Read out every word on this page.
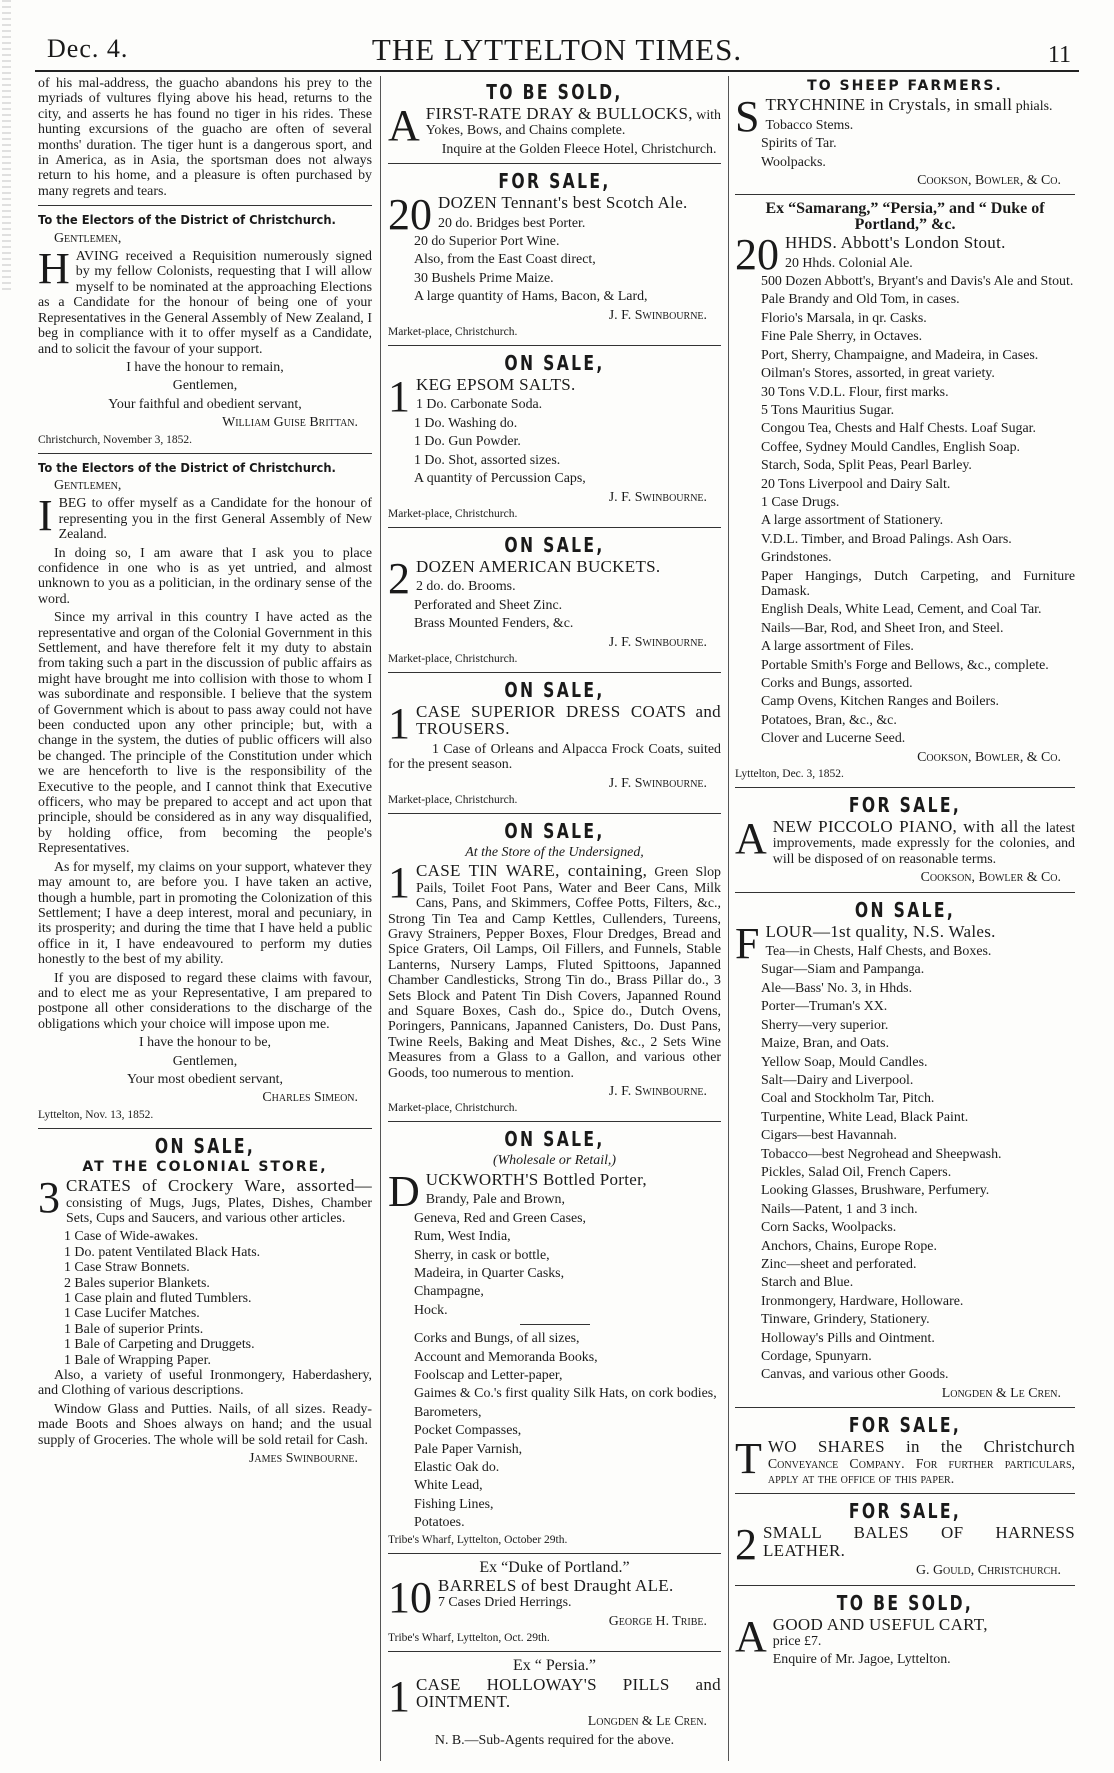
Dec. 4.	THE LYTTELTON TIMES.	11

of his mal-address, the guacho abandons his prey to the myriads of vultures flying above his head, returns to the city, and asserts he has found no tiger in his rides. These hunting excursions of the guacho are often of several months' duration. The tiger hunt is a dangerous sport, and in America, as in Asia, the sportsman does not always return to his home, and a pleasure is often purchased by many regrets and tears.

To the Electors of the District of Christchurch.

Gentlemen,

HAVING received a Requisition numerously signed by my fellow Colonists, requesting that I will allow myself to be nominated at the approaching Elections as a Candidate for the honour of being one of your Representatives in the General Assembly of New Zealand, I beg in compliance with it to offer myself as a Candidate, and to solicit the favour of your support.

I have the honour to remain,

Gentlemen,

Your faithful and obedient servant,

William Guise Brittan.

Christchurch, November 3, 1852.

To the Electors of the District of Christchurch.

Gentlemen,

IBEG to offer myself as a Candidate for the honour of representing you in the first General Assembly of New Zealand.

In doing so, I am aware that I ask you to place confidence in one who is as yet untried, and almost unknown to you as a politician, in the ordinary sense of the word.

Since my arrival in this country I have acted as the representative and organ of the Colonial Government in this Settlement, and have therefore felt it my duty to abstain from taking such a part in the discussion of public affairs as might have brought me into collision with those to whom I was subordinate and responsible. I believe that the system of Government which is about to pass away could not have been conducted upon any other principle; but, with a change in the system, the duties of public officers will also be changed. The principle of the Constitution under which we are henceforth to live is the responsibility of the Executive to the people, and I cannot think that Executive officers, who may be prepared to accept and act upon that principle, should be considered as in any way disqualified, by holding office, from becoming the people's Representatives.

As for myself, my claims on your support, whatever they may amount to, are before you. I have taken an active, though a humble, part in promoting the Colonization of this Settlement; I have a deep interest, moral and pecuniary, in its prosperity; and during the time that I have held a public office in it, I have endeavoured to perform my duties honestly to the best of my ability.

If you are disposed to regard these claims with favour, and to elect me as your Representative, I am prepared to postpone all other considerations to the discharge of the obligations which your choice will impose upon me.

I have the honour to be,

Gentlemen,

Your most obedient servant,

Charles Simeon.

Lyttelton, Nov. 13, 1852.

ON SALE,
AT THE COLONIAL STORE,

3 CRATES of Crockery Ware, assorted— consisting of Mugs, Jugs, Plates, Dishes, Chamber Sets, Cups and Saucers, and various other articles.

1 Case of Wide-awakes.

1 Do. patent Ventilated Black Hats.

1 Case Straw Bonnets.

2 Bales superior Blankets.

1 Case plain and fluted Tumblers.

1 Case Lucifer Matches.

1 Bale of superior Prints.

1 Bale of Carpeting and Druggets.

1 Bale of Wrapping Paper.

Also, a variety of useful Ironmongery, Haberdashery, and Clothing of various descriptions.

Window Glass and Putties. Nails, of all sizes. Ready-made Boots and Shoes always on hand; and the usual supply of Groceries. The whole will be sold retail for Cash.

James Swinbourne.

TO BE SOLD,

AFIRST-RATE DRAY & BULLOCKS, with Yokes, Bows, and Chains complete.

Inquire at the Golden Fleece Hotel, Christchurch.

FOR SALE,

20 DOZEN Tennant's best Scotch Ale.

20 do. Bridges best Porter.

20 do Superior Port Wine.

Also, from the East Coast direct,

30 Bushels Prime Maize.

A large quantity of Hams, Bacon, & Lard,

J. F. Swinbourne.

Market-place, Christchurch.

ON SALE,

1 KEG EPSOM SALTS.

1 Do. Carbonate Soda.

1 Do. Washing do.

1 Do. Gun Powder.

1 Do. Shot, assorted sizes.

A quantity of Percussion Caps,

J. F. Swinbourne.

Market-place, Christchurch.

ON SALE,

2 DOZEN AMERICAN BUCKETS.

2 do. do. Brooms.

Perforated and Sheet Zinc.

Brass Mounted Fenders, &c.

J. F. Swinbourne.

Market-place, Christchurch.

ON SALE,

1 CASE SUPERIOR DRESS COATS and TROUSERS.

1 Case of Orleans and Alpacca Frock Coats, suited for the present season.

J. F. Swinbourne.

Market-place, Christchurch.

ON SALE,

At the Store of the Undersigned,

1 CASE TIN WARE, containing, Green Slop Pails, Toilet Foot Pans, Water and Beer Cans, Milk Cans, Pans, and Skimmers, Coffee Potts, Filters, &c., Strong Tin Tea and Camp Kettles, Cullenders, Tureens, Gravy Strainers, Pepper Boxes, Flour Dredges, Bread and Spice Graters, Oil Lamps, Oil Fillers, and Funnels, Stable Lanterns, Nursery Lamps, Fluted Spittoons, Japanned Chamber Candlesticks, Strong Tin do., Brass Pillar do., 3 Sets Block and Patent Tin Dish Covers, Japanned Round and Square Boxes, Cash do., Spice do., Dutch Ovens, Poringers, Pannicans, Japanned Canisters, Do. Dust Pans, Twine Reels, Baking and Meat Dishes, &c., 2 Sets Wine Measures from a Glass to a Gallon, and various other Goods, too numerous to mention.

J. F. Swinbourne.

Market-place, Christchurch.

ON SALE,

(Wholesale or Retail,)

DUCKWORTH'S Bottled Porter,

Brandy, Pale and Brown,

Geneva, Red and Green Cases,

Rum, West India,

Sherry, in cask or bottle,

Madeira, in Quarter Casks,

Champagne,

Hock.

Corks and Bungs, of all sizes,

Account and Memoranda Books,

Foolscap and Letter-paper,

Gaimes & Co.'s first quality Silk Hats, on cork bodies,

Barometers,

Pocket Compasses,

Pale Paper Varnish,

Elastic Oak do.

White Lead,

Fishing Lines,

Potatoes.

Tribe's Wharf, Lyttelton, October 29th.

Ex “Duke of Portland.”

10 BARRELS of best Draught ALE.
7 Cases Dried Herrings.

George H. Tribe.

Tribe's Wharf, Lyttelton, Oct. 29th.

Ex “ Persia.”

1 CASE HOLLOWAY'S PILLS and OINTMENT.

Longden & Le Cren.

N. B.—Sub-Agents required for the above.

TO SHEEP FARMERS.

STRYCHNINE in Crystals, in small phials.

Tobacco Stems.

Spirits of Tar.

Woolpacks.

Cookson, Bowler, & Co.

Ex “Samarang,” “Persia,” and “ Duke of Portland,” &c.

20 HHDS. Abbott's London Stout.

20 Hhds. Colonial Ale.

500 Dozen Abbott's, Bryant's and Davis's Ale and Stout.

Pale Brandy and Old Tom, in cases.

Florio's Marsala, in qr. Casks.

Fine Pale Sherry, in Octaves.

Port, Sherry, Champaigne, and Madeira, in Cases.

Oilman's Stores, assorted, in great variety.

30 Tons V.D.L. Flour, first marks.

5 Tons Mauritius Sugar.

Congou Tea, Chests and Half Chests. Loaf Sugar.

Coffee, Sydney Mould Candles, English Soap.

Starch, Soda, Split Peas, Pearl Barley.

20 Tons Liverpool and Dairy Salt.

1 Case Drugs.

A large assortment of Stationery.

V.D.L. Timber, and Broad Palings. Ash Oars.

Grindstones.

Paper Hangings, Dutch Carpeting, and Furniture Damask.

English Deals, White Lead, Cement, and Coal Tar.

Nails—Bar, Rod, and Sheet Iron, and Steel.

A large assortment of Files.

Portable Smith's Forge and Bellows, &c., complete.

Corks and Bungs, assorted.

Camp Ovens, Kitchen Ranges and Boilers.

Potatoes, Bran, &c., &c.

Clover and Lucerne Seed.

Cookson, Bowler, & Co.

Lyttelton, Dec. 3, 1852.

FOR SALE,

ANEW PICCOLO PIANO, with all the latest improvements, made expressly for the colonies, and will be disposed of on reasonable terms.

Cookson, Bowler & Co.

ON SALE,

FLOUR—1st quality, N.S. Wales.

Tea—in Chests, Half Chests, and Boxes.

Sugar—Siam and Pampanga.

Ale—Bass' No. 3, in Hhds.

Porter—Truman's XX.

Sherry—very superior.

Maize, Bran, and Oats.

Yellow Soap, Mould Candles.

Salt—Dairy and Liverpool.

Coal and Stockholm Tar, Pitch.

Turpentine, White Lead, Black Paint.

Cigars—best Havannah.

Tobacco—best Negrohead and Sheepwash.

Pickles, Salad Oil, French Capers.

Looking Glasses, Brushware, Perfumery.

Nails—Patent, 1 and 3 inch.

Corn Sacks, Woolpacks.

Anchors, Chains, Europe Rope.

Zinc—sheet and perforated.

Starch and Blue.

Ironmongery, Hardware, Holloware.

Tinware, Grindery, Stationery.

Holloway's Pills and Ointment.

Cordage, Spunyarn.

Canvas, and various other Goods.

Longden & Le Cren.

FOR SALE,

TWO SHARES in the Christchurch Conveyance Company. For further particulars, apply at the office of this paper.

FOR SALE,

2 SMALL BALES OF HARNESS LEATHER.

G. Gould, Christchurch.

TO BE SOLD,

AGOOD AND USEFUL CART,
price £7.

Enquire of Mr. Jagoe, Lyttelton.
